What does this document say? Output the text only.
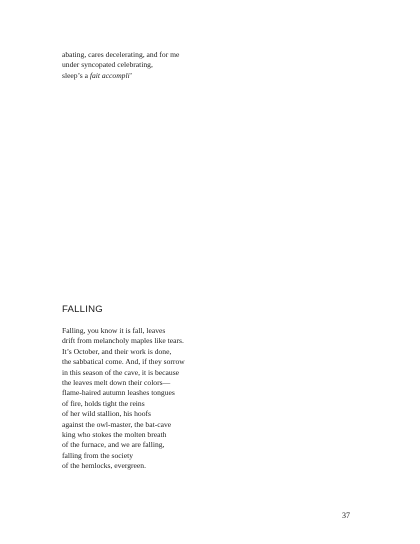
abating, cares decelerating, and for me
under syncopated celebrating,
sleep’s a fait accompli’
FALLING
Falling, you know it is fall, leaves
drift from melancholy maples like tears.
It’s October, and their work is done,
the sabbatical come. And, if they sorrow
in this season of the cave, it is because
the leaves melt down their colors—
flame-haired autumn leashes tongues
of fire, holds tight the reins
of her wild stallion, his hoofs
against the owl-master, the bat-cave
king who stokes the molten breath
of the furnace, and we are falling,
falling from the society
of the hemlocks, evergreen.
37
